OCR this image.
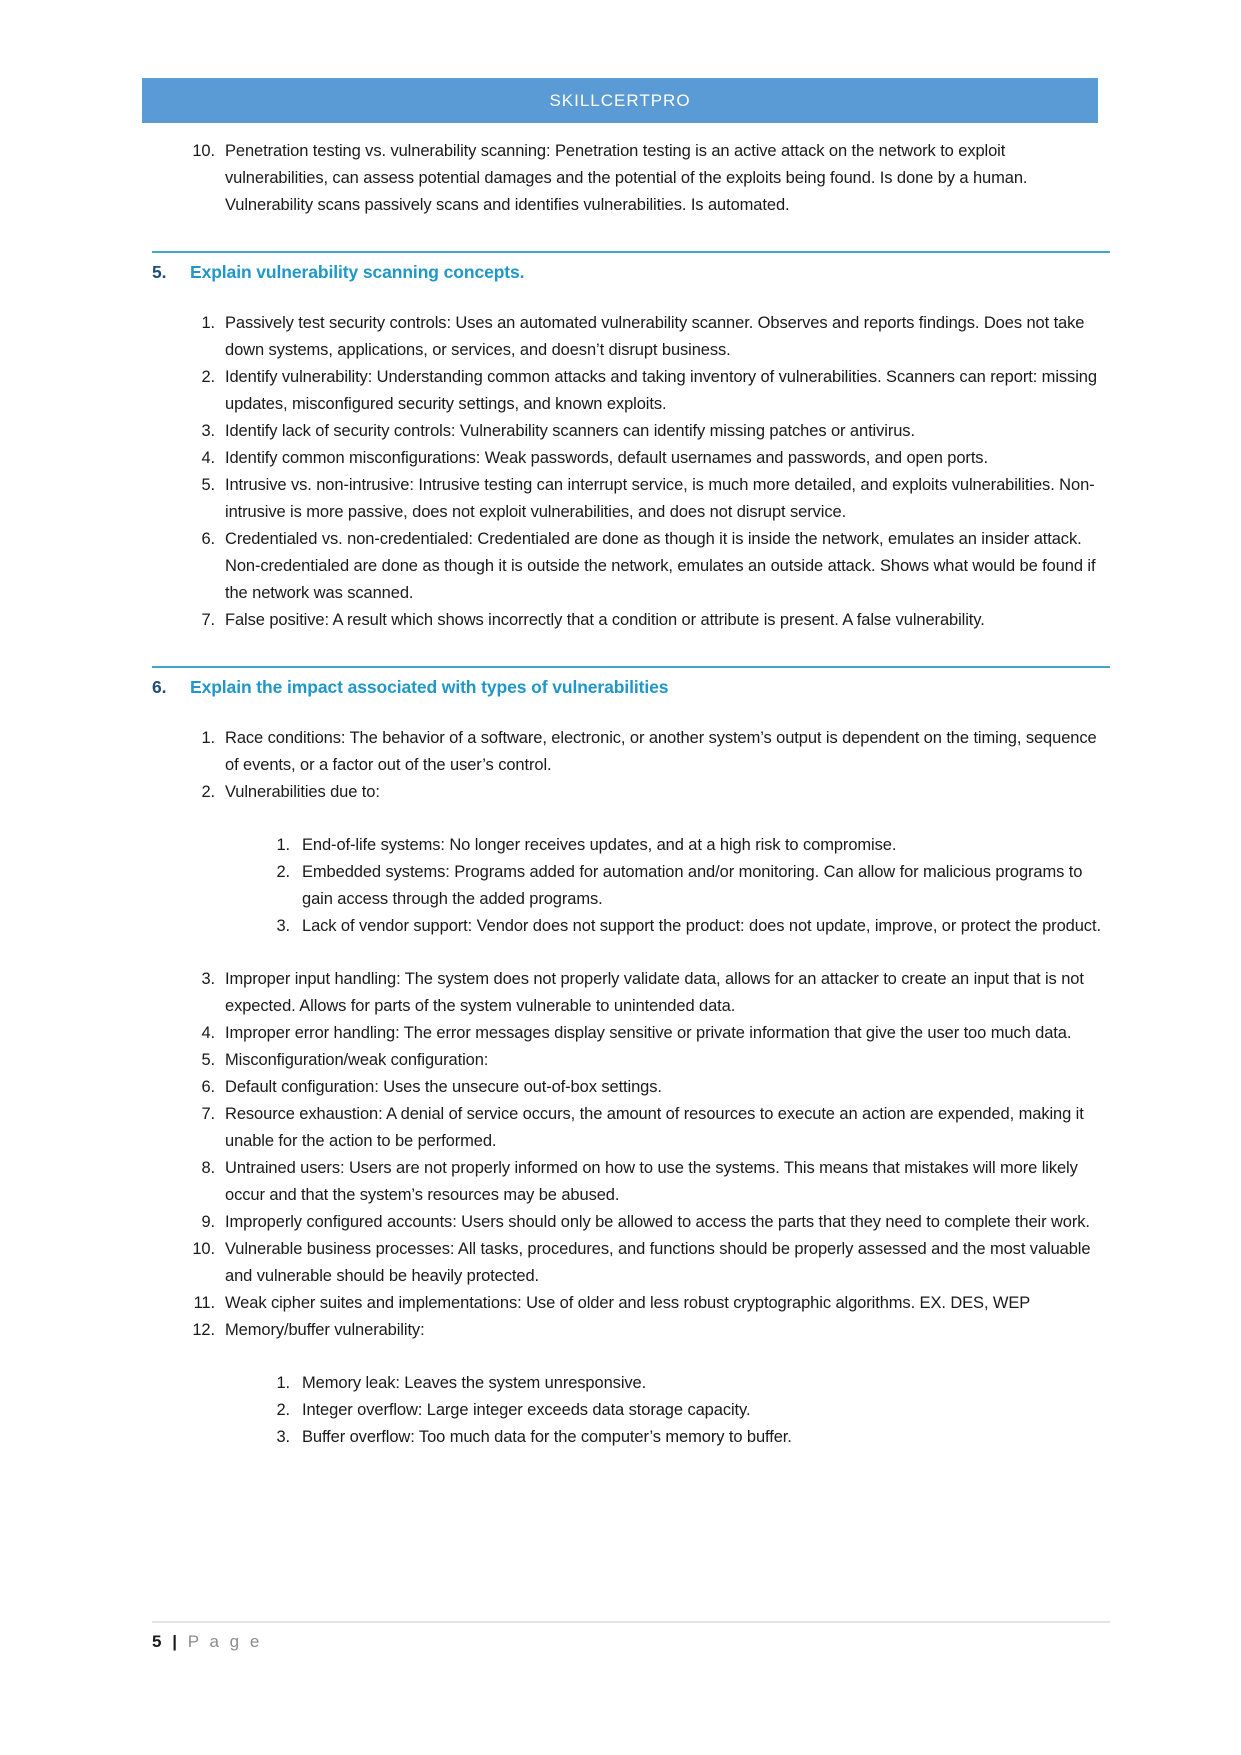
SKILLCERTPRO
10. Penetration testing vs. vulnerability scanning: Penetration testing is an active attack on the network to exploit vulnerabilities, can assess potential damages and the potential of the exploits being found. Is done by a human. Vulnerability scans passively scans and identifies vulnerabilities. Is automated.
5.	Explain vulnerability scanning concepts.
1. Passively test security controls: Uses an automated vulnerability scanner. Observes and reports findings. Does not take down systems, applications, or services, and doesn’t disrupt business.
2. Identify vulnerability: Understanding common attacks and taking inventory of vulnerabilities. Scanners can report: missing updates, misconfigured security settings, and known exploits.
3. Identify lack of security controls: Vulnerability scanners can identify missing patches or antivirus.
4. Identify common misconfigurations: Weak passwords, default usernames and passwords, and open ports.
5. Intrusive vs. non-intrusive: Intrusive testing can interrupt service, is much more detailed, and exploits vulnerabilities. Non-intrusive is more passive, does not exploit vulnerabilities, and does not disrupt service.
6. Credentialed vs. non-credentialed: Credentialed are done as though it is inside the network, emulates an insider attack. Non-credentialed are done as though it is outside the network, emulates an outside attack. Shows what would be found if the network was scanned.
7. False positive: A result which shows incorrectly that a condition or attribute is present. A false vulnerability.
6.	Explain the impact associated with types of vulnerabilities
1. Race conditions: The behavior of a software, electronic, or another system’s output is dependent on the timing, sequence of events, or a factor out of the user’s control.
2. Vulnerabilities due to:
1. End-of-life systems: No longer receives updates, and at a high risk to compromise.
2. Embedded systems: Programs added for automation and/or monitoring. Can allow for malicious programs to gain access through the added programs.
3. Lack of vendor support: Vendor does not support the product: does not update, improve, or protect the product.
3. Improper input handling: The system does not properly validate data, allows for an attacker to create an input that is not expected. Allows for parts of the system vulnerable to unintended data.
4. Improper error handling: The error messages display sensitive or private information that give the user too much data.
5. Misconfiguration/weak configuration:
6. Default configuration: Uses the unsecure out-of-box settings.
7. Resource exhaustion: A denial of service occurs, the amount of resources to execute an action are expended, making it unable for the action to be performed.
8. Untrained users: Users are not properly informed on how to use the systems. This means that mistakes will more likely occur and that the system’s resources may be abused.
9. Improperly configured accounts: Users should only be allowed to access the parts that they need to complete their work.
10. Vulnerable business processes: All tasks, procedures, and functions should be properly assessed and the most valuable and vulnerable should be heavily protected.
11. Weak cipher suites and implementations: Use of older and less robust cryptographic algorithms. EX. DES, WEP
12. Memory/buffer vulnerability:
1. Memory leak: Leaves the system unresponsive.
2. Integer overflow: Large integer exceeds data storage capacity.
3. Buffer overflow: Too much data for the computer’s memory to buffer.
5 | P a g e
